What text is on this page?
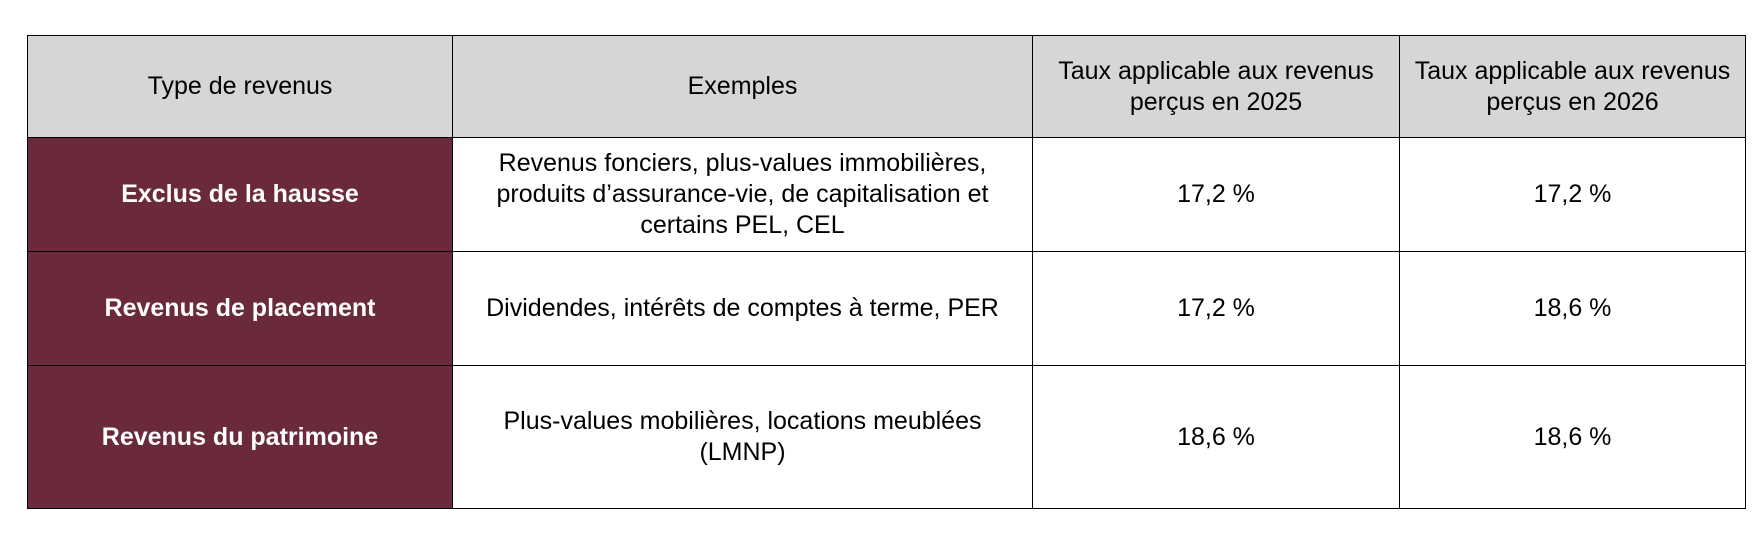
Type de revenus	Exemples	Taux applicable aux revenus perçus en 2025	Taux applicable aux revenus perçus en 2026
Exclus de la hausse	Revenus fonciers, plus-values immobilières, produits d’assurance-vie, de capitalisation et certains PEL, CEL	17,2 %	17,2 %
Revenus de placement	Dividendes, intérêts de comptes à terme, PER	17,2 %	18,6 %
Revenus du patrimoine	Plus-values mobilières, locations meublées (LMNP)	18,6 %	18,6 %
